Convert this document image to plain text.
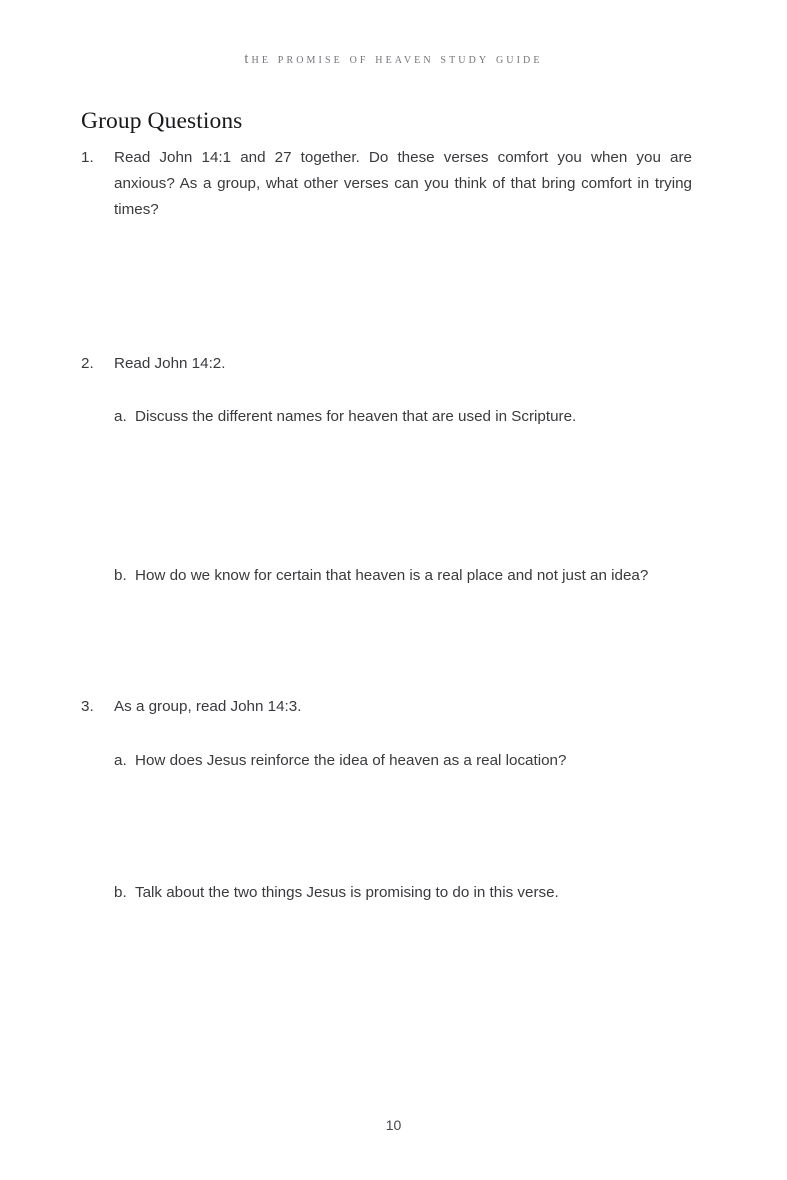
the promise of heaven study guide
Group Questions
1.	Read John 14:1 and 27 together. Do these verses comfort you when you are anxious? As a group, what other verses can you think of that bring comfort in trying times?
2.	Read John 14:2.
a. Discuss the different names for heaven that are used in Scripture.
b. How do we know for certain that heaven is a real place and not just an idea?
3.	As a group, read John 14:3.
a. How does Jesus reinforce the idea of heaven as a real location?
b. Talk about the two things Jesus is promising to do in this verse.
10
